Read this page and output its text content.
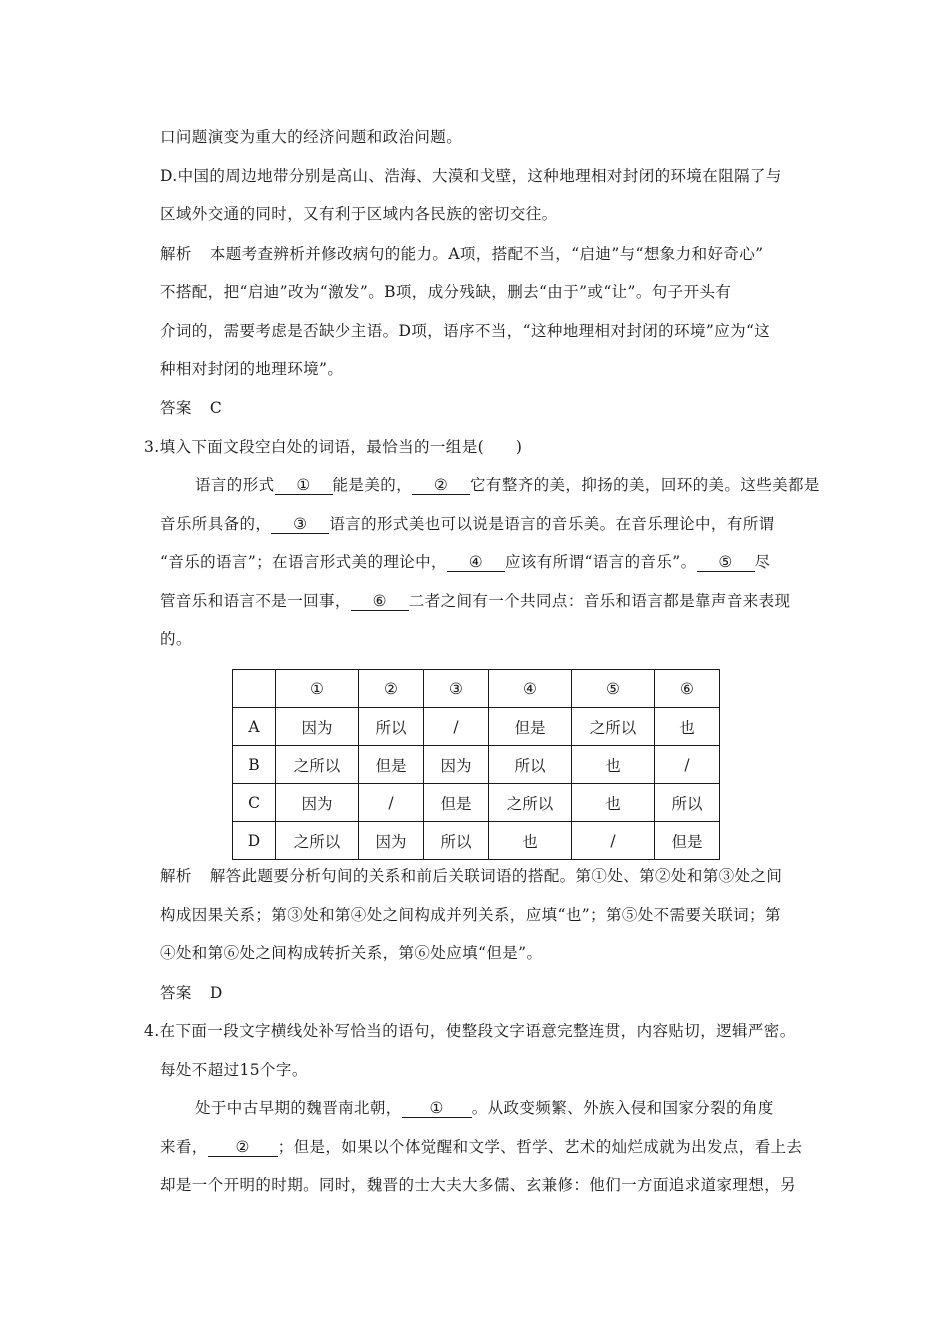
口问题演变为重大的经济问题和政治问题。
D.中国的周边地带分别是高山、浩海、大漠和戈壁，这种地理相对封闭的环境在阻隔了与
区域外交通的同时，又有利于区域内各民族的密切交往。
解析 本题考查辨析并修改病句的能力。A项，搭配不当，“启迪”与“想象力和好奇心”
不搭配，把“启迪”改为“激发”。B项，成分残缺，删去“由于”或“让”。句子开头有
介词的，需要考虑是否缺少主语。D项，语序不当，“这种地理相对封闭的环境”应为“这
种相对封闭的地理环境”。
答案 C
3.填入下面文段空白处的词语，最恰当的一组是(　　)
语言的形式 ① 能是美的， ② 它有整齐的美，抑扬的美，回环的美。这些美都是
音乐所具备的， ③ 语言的形式美也可以说是语言的音乐美。在音乐理论中，有所谓
“音乐的语言”；在语言形式美的理论中， ④ 应该有所谓“语言的音乐”。 ⑤ 尽
管音乐和语言不是一回事， ⑥ 二者之间有一个共同点：音乐和语言都是靠声音来表现
的。
	①	②	③	④	⑤	⑥
A	因为	所以	/	但是	之所以	也
B	之所以	但是	因为	所以	也	/
C	因为	/	但是	之所以	也	所以
D	之所以	因为	所以	也	/	但是
解析 解答此题要分析句间的关系和前后关联词语的搭配。第①处、第②处和第③处之间
构成因果关系；第③处和第④处之间构成并列关系，应填“也”；第⑤处不需要关联词；第
④处和第⑥处之间构成转折关系，第⑥处应填“但是”。
答案 D
4.在下面一段文字横线处补写恰当的语句，使整段文字语意完整连贯，内容贴切，逻辑严密。
每处不超过15个字。
处于中古早期的魏晋南北朝， ① 。从政变频繁、外族入侵和国家分裂的角度
来看， ② ；但是，如果以个体觉醒和文学、哲学、艺术的灿烂成就为出发点，看上去
却是一个开明的时期。同时，魏晋的士大夫大多儒、玄兼修：他们一方面追求道家理想，另
